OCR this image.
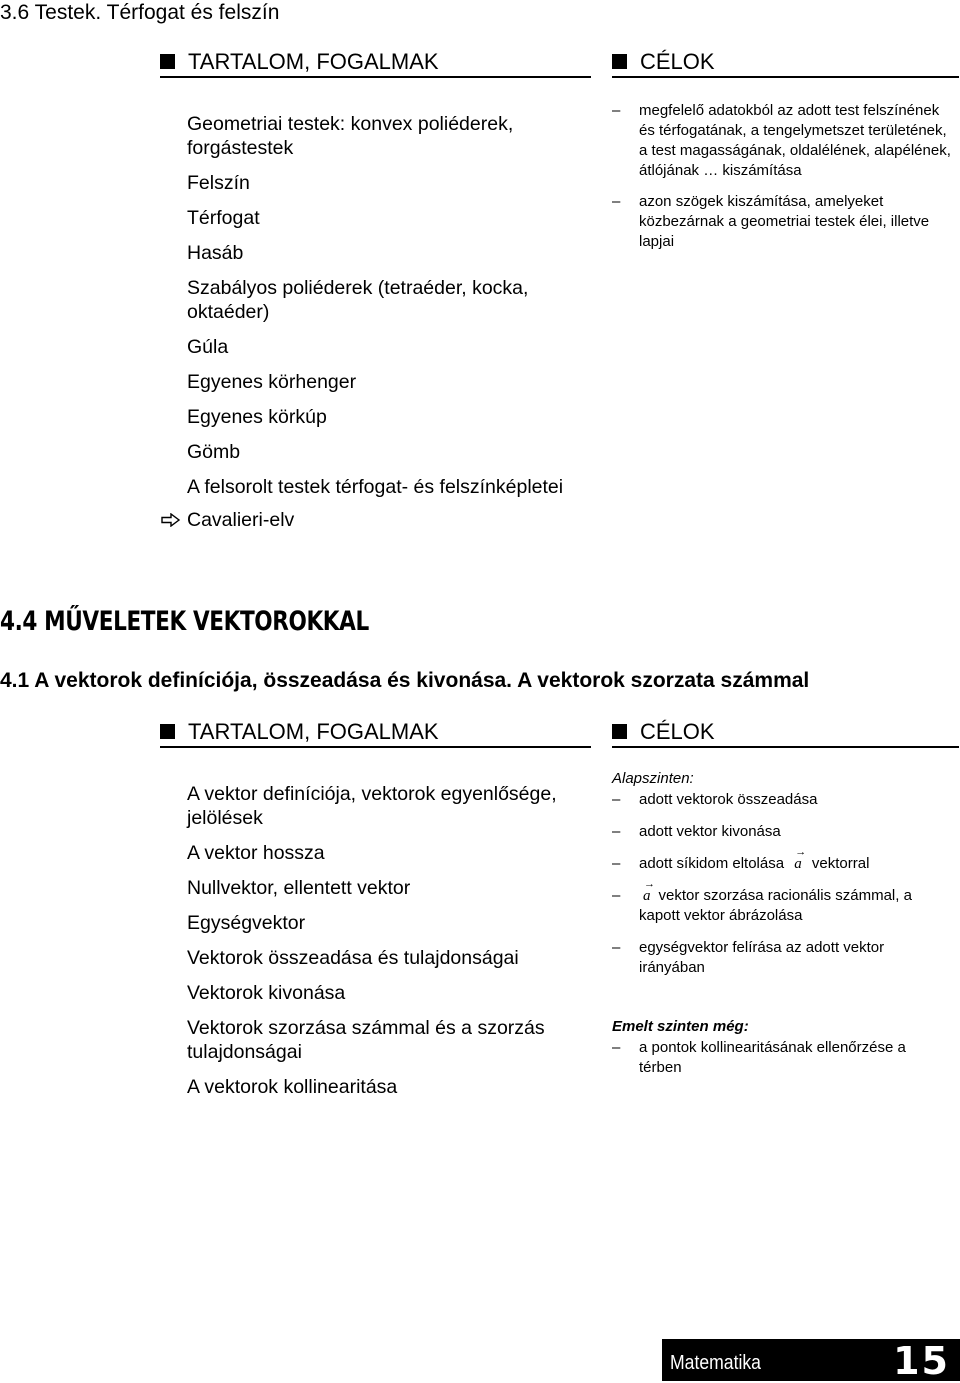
3.6 Testek. Térfogat és felszín
TARTALOM, FOGALMAK	CÉLOK
Geometriai testek: konvex poliéderek, forgástestek
Felszín
Térfogat
Hasáb
Szabályos poliéderek (tetraéder, kocka, oktaéder)
Gúla
Egyenes körhenger
Egyenes körkúp
Gömb
A felsorolt testek térfogat- és felszínképletei
Cavalieri-elv
– megfelelő adatokból az adott test felszínének és térfogatának, a tengelymetszet területének, a test magasságának, oldalélének, alapélének, átlójának … kiszámítása
– azon szögek kiszámítása, amelyeket közbezárnak a geometriai testek élei, illetve lapjai
4.4 MŰVELETEK VEKTOROKKAL
4.1 A vektorok definíciója, összeadása és kivonása. A vektorok szorzata számmal
TARTALOM, FOGALMAK	CÉLOK
A vektor definíciója, vektorok egyenlősége, jelölések
A vektor hossza
Nullvektor, ellentett vektor
Egységvektor
Vektorok összeadása és tulajdonságai
Vektorok kivonása
Vektorok szorzása számmal és a szorzás tulajdonságai
A vektorok kollinearitása
Alapszinten:
– adott vektorok összeadása
– adott vektor kivonása
– adott síkidom eltolása → a vektorral
– → a vektor szorzása racionális számmal, a kapott vektor ábrázolása
– egységvektor felírása az adott vektor irányában
Emelt szinten még:
– a pontok kollinearitásának ellenőrzése a térben
Matematika	15
